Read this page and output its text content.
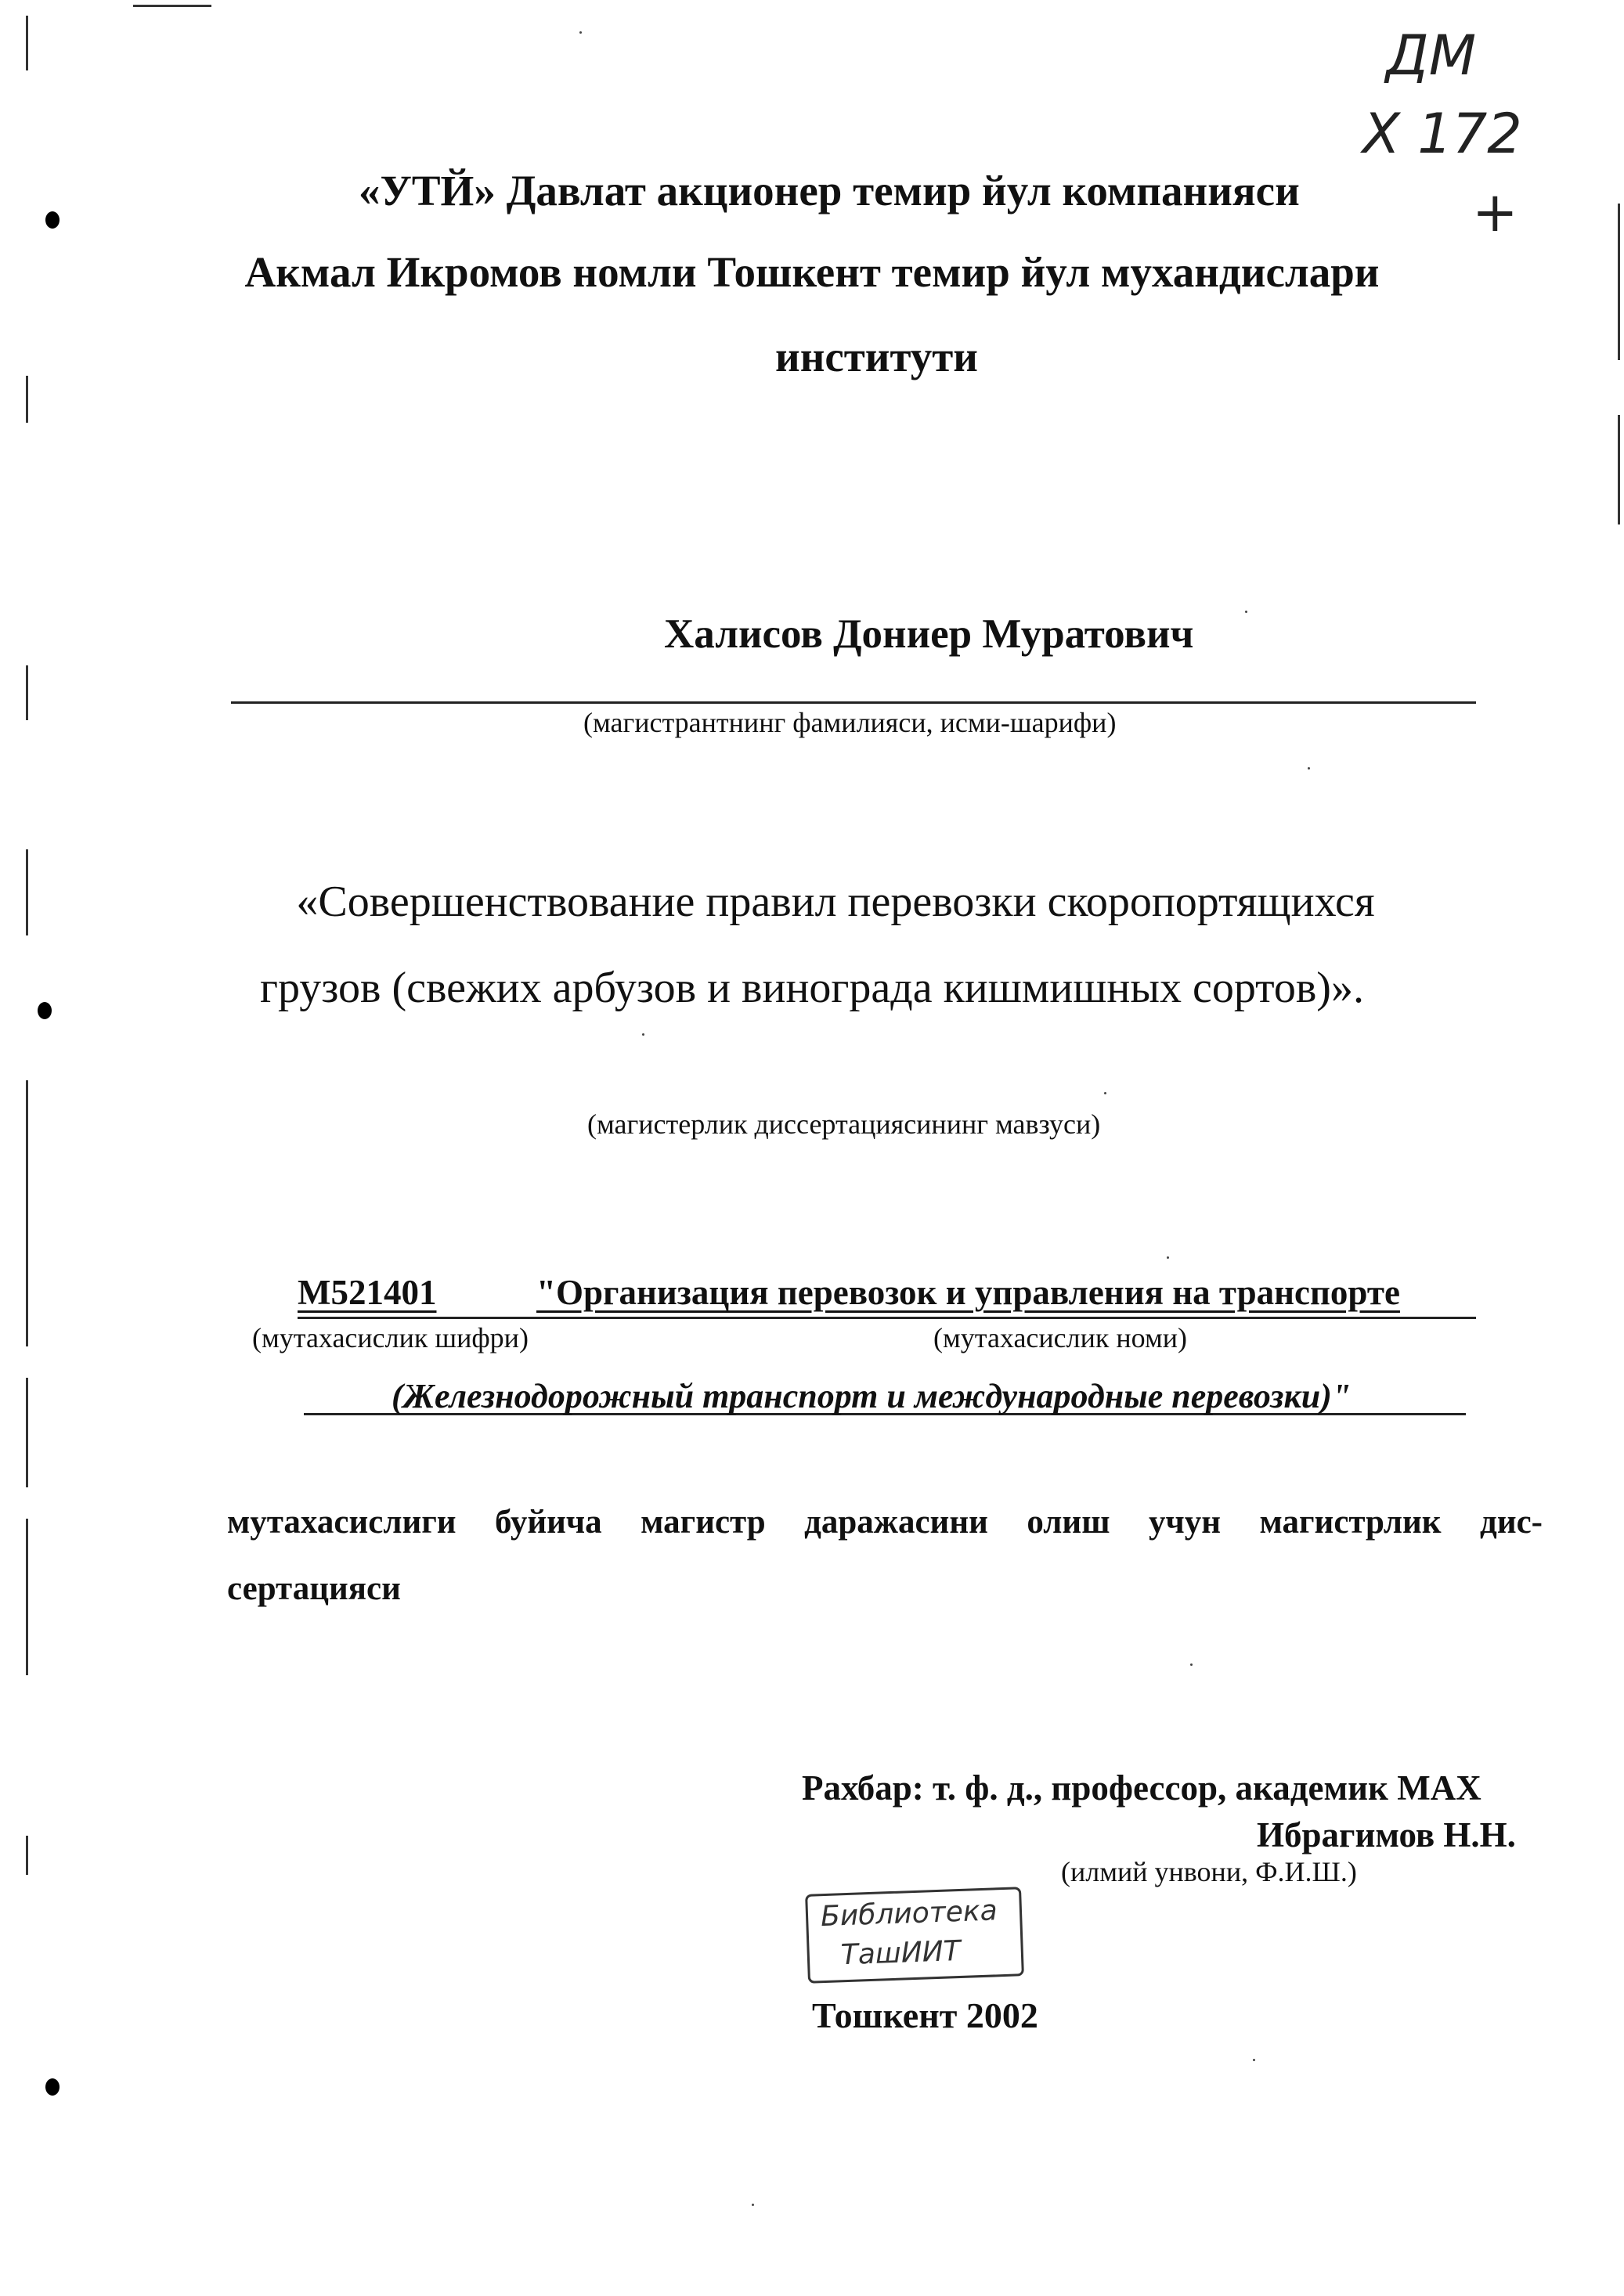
ДМ
Х 172
+
«УТЙ» Давлат акционер темир йул компанияси
Акмал Икромов номли Тошкент темир йул мухандислари
институти
Халисов Дониер Муратович
(магистрантнинг фамилияси, исми-шарифи)
«Совершенствование правил перевозки скоропортящихся
грузов (свежих арбузов и винограда кишмишных сортов)».
(магистерлик диссертациясининг мавзуси)
М521401	"Организация перевозок и управления на транспорте
(мутахасислик шифри)	(мутахасислик номи)
(Железнодорожный транспорт и международные перевозки)"
мутахасислиги буйича магистр даражасини олиш учун магистрлик дис-
сертацияси
Рахбар: т. ф. д., профессор, академик МАХ
Ибрагимов Н.Н.
(илмий унвони, Ф.И.Ш.)
Библиотека
ТашИИТ
Тошкент 2002
